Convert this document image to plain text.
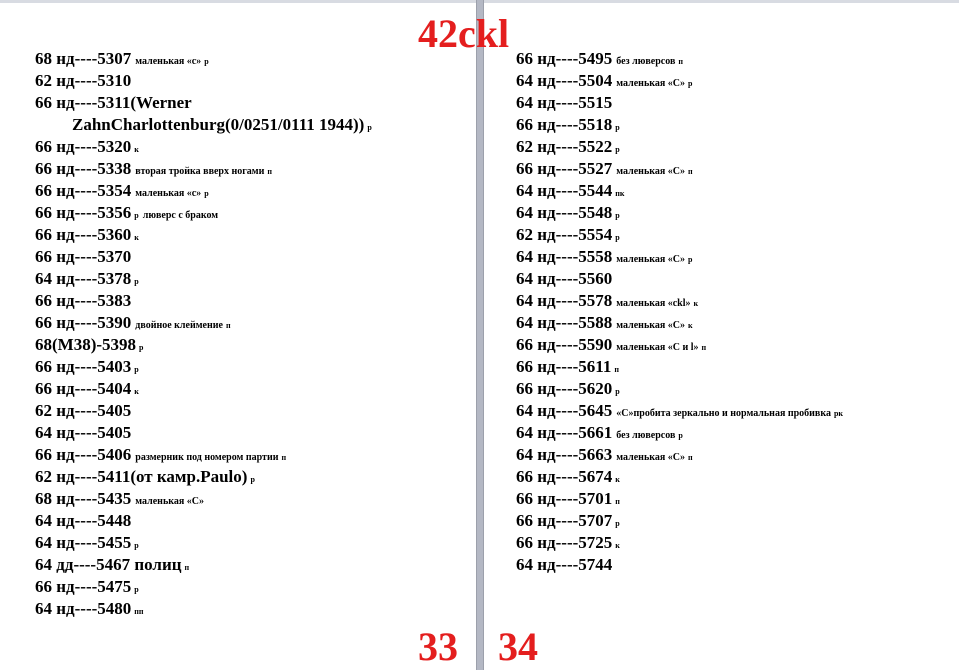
68 нд----5307 маленькая «с» р
62 нд----5310
66 нд----5311(Werner
ZahnCharlottenburg(0/0251/0111 1944)) р
66 нд----5320 к
66 нд----5338 вторая тройка вверх ногами п
66 нд----5354 маленькая «с» р
66 нд----5356 р люверс с браком
66 нд----5360 к
66 нд----5370
64 нд----5378 р
66 нд----5383
66 нд----5390 двойное клеймение п
68(М38)-5398 р
66 нд----5403 р
66 нд----5404 к
62 нд----5405
64 нд----5405
66 нд----5406 размерник под номером партии п
62 нд----5411(от камр.Paulo) р
68 нд----5435 маленькая «С»
64 нд----5448
64 нд----5455 р
64 дд----5467 полиц п
66 нд----5475 р
64 нд----5480 пп
66 нд----5495 без люверсов п
64 нд----5504 маленькая «С» р
64 нд----5515
66 нд----5518 р
62 нд----5522 р
66 нд----5527 маленькая «С» п
64 нд----5544 пк
64 нд----5548 р
62 нд----5554 р
64 нд----5558 маленькая «С» р
64 нд----5560
64 нд----5578 маленькая «ckl» к
64 нд----5588 маленькая «С» к
66 нд----5590 маленькая «С и l» п
66 нд----5611 п
66 нд----5620 р
64 нд----5645 «С»пробита зеркально и нормальная пробивка рк
64 нд----5661 без люверсов р
64 нд----5663 маленькая «С» п
66 нд----5674 к
66 нд----5701 п
66 нд----5707 р
66 нд----5725 к
64 нд----5744
42ckl
33 34
